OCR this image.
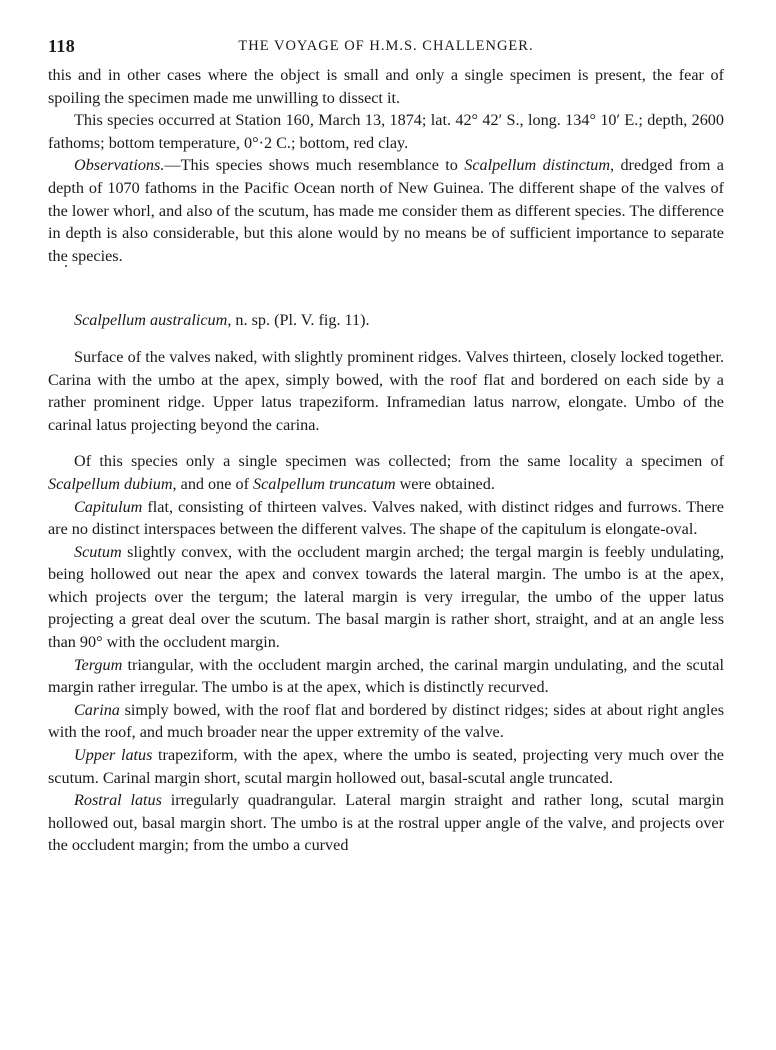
118	THE VOYAGE OF H.M.S. CHALLENGER.

this and in other cases where the object is small and only a single specimen is present, the fear of spoiling the specimen made me unwilling to dissect it.

This species occurred at Station 160, March 13, 1874; lat. 42° 42′ S., long. 134° 10′ E.; depth, 2600 fathoms; bottom temperature, 0°·2 C.; bottom, red clay.

Observations.—This species shows much resemblance to Scalpellum distinctum, dredged from a depth of 1070 fathoms in the Pacific Ocean north of New Guinea. The different shape of the valves of the lower whorl, and also of the scutum, has made me consider them as different species. The difference in depth is also considerable, but this alone would by no means be of sufficient importance to separate the species.

Scalpellum australicum, n. sp. (Pl. V. fig. 11).

Surface of the valves naked, with slightly prominent ridges. Valves thirteen, closely locked together. Carina with the umbo at the apex, simply bowed, with the roof flat and bordered on each side by a rather prominent ridge. Upper latus trapeziform. Inframedian latus narrow, elongate. Umbo of the carinal latus projecting beyond the carina.

Of this species only a single specimen was collected; from the same locality a specimen of Scalpellum dubium, and one of Scalpellum truncatum were obtained.

Capitulum flat, consisting of thirteen valves. Valves naked, with distinct ridges and furrows. There are no distinct interspaces between the different valves. The shape of the capitulum is elongate-oval.

Scutum slightly convex, with the occludent margin arched; the tergal margin is feebly undulating, being hollowed out near the apex and convex towards the lateral margin. The umbo is at the apex, which projects over the tergum; the lateral margin is very irregular, the umbo of the upper latus projecting a great deal over the scutum. The basal margin is rather short, straight, and at an angle less than 90° with the occludent margin.

Tergum triangular, with the occludent margin arched, the carinal margin undulating, and the scutal margin rather irregular. The umbo is at the apex, which is distinctly recurved.

Carina simply bowed, with the roof flat and bordered by distinct ridges; sides at about right angles with the roof, and much broader near the upper extremity of the valve.

Upper latus trapeziform, with the apex, where the umbo is seated, projecting very much over the scutum. Carinal margin short, scutal margin hollowed out, basal-scutal angle truncated.

Rostral latus irregularly quadrangular. Lateral margin straight and rather long, scutal margin hollowed out, basal margin short. The umbo is at the rostral upper angle of the valve, and projects over the occludent margin; from the umbo a curved
